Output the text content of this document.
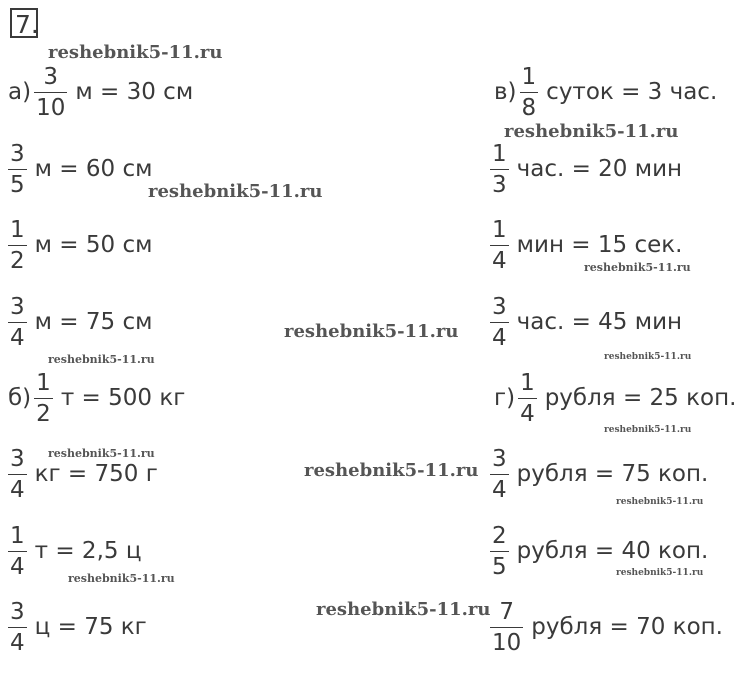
7.
reshebnik5-11.ru
reshebnik5-11.ru
reshebnik5-11.ru
reshebnik5-11.ru
reshebnik5-11.ru
reshebnik5-11.ru	reshebnik5-11.ru
reshebnik5-11.ru
reshebnik5-11.ru
reshebnik5-11.ru
reshebnik5-11.ru
reshebnik5-11.ru
reshebnik5-11.ru
reshebnik5-11.ru
$а) \frac{3}{10}$ м = 30 см
$\frac{3}{5}$ м = 60 см
$\frac{1}{2}$ м = 50 см
$\frac{3}{4}$ м = 75 см
$б) \frac{1}{2}$ т = 500 кг
$\frac{3}{4}$ кг = 750 г
$\frac{1}{4}$ т = 2,5 ц
$\frac{3}{4}$ ц = 75 кг
$в) \frac{1}{8}$ суток = 3 час.
$\frac{1}{3}$ час. = 20 мин
$\frac{1}{4}$ мин = 15 сек.
$\frac{3}{4}$ час. = 45 мин
$г) \frac{1}{4}$ рубля = 25 коп.
$\frac{3}{4}$ рубля = 75 коп.
$\frac{2}{5}$ рубля = 40 коп.
$\frac{7}{10}$ рубля = 70 коп.
